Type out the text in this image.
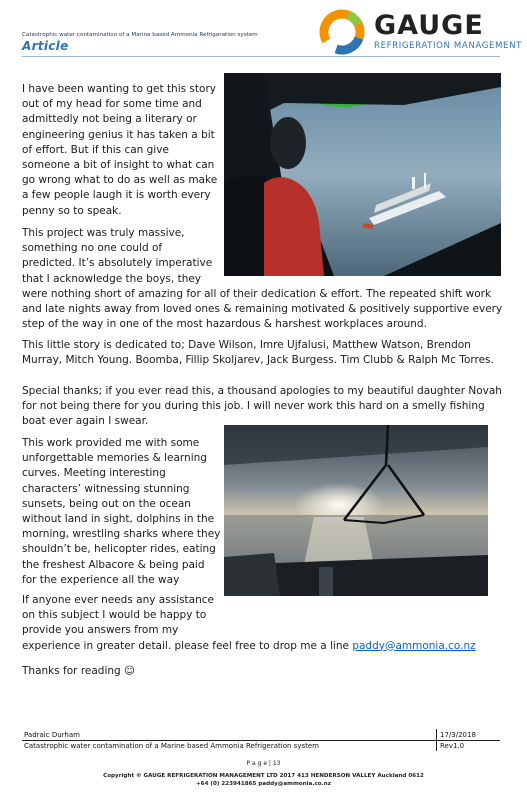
Catastrophic water contamination of a Marine based Ammonia Refrigeration system
Article
GAUGE
REFRIGERATION MANAGEMENT
I have been wanting to get this story
out of my head for some time and
admittedly not being a literary or
engineering genius it has taken a bit
of effort. But if this can give
someone a bit of insight to what can
go wrong what to do as well as make
a few people laugh it is worth every
penny so to speak.
This project was truly massive,
something no one could of
predicted. It’s absolutely imperative
that I acknowledge the boys, they
were nothing short of amazing for all of their dedication & effort. The repeated shift work
and late nights away from loved ones & remaining motivated & positively supportive every
step of the way in one of the most hazardous & harshest workplaces around.
This little story is dedicated to; Dave Wilson, Imre Ujfalusi, Matthew Watson, Brendon
Murray, Mitch Young. Boomba, Fillip Skoljarev, Jack Burgess. Tim Clubb & Ralph Mc Torres.
Special thanks; if you ever read this, a thousand apologies to my beautiful daughter Novah
for not being there for you during this job. I will never work this hard on a smelly fishing
boat ever again I swear.
This work provided me with some
unforgettable memories & learning
curves. Meeting interesting
characters’ witnessing stunning
sunsets, being out on the ocean
without land in sight, dolphins in the
morning, wrestling sharks where they
shouldn’t be, helicopter rides, eating
the freshest Albacore & being paid
for the experience all the way
If anyone ever needs any assistance
on this subject I would be happy to
provide you answers from my
experience in greater detail. please feel free to drop me a line paddy@ammonia.co.nz
Thanks for reading ☺
Padraic Durham	17/3/2018
Catastrophic water contamination of a Marine based Ammonia Refrigeration system	Rev1.0
P a g e | 13
Copyright © GAUGE REFRIGERATION MANAGEMENT LTD 2017 413 HENDERSON VALLEY Auckland 0612
+64 (0) 223941865 paddy@ammonia.co.nz
